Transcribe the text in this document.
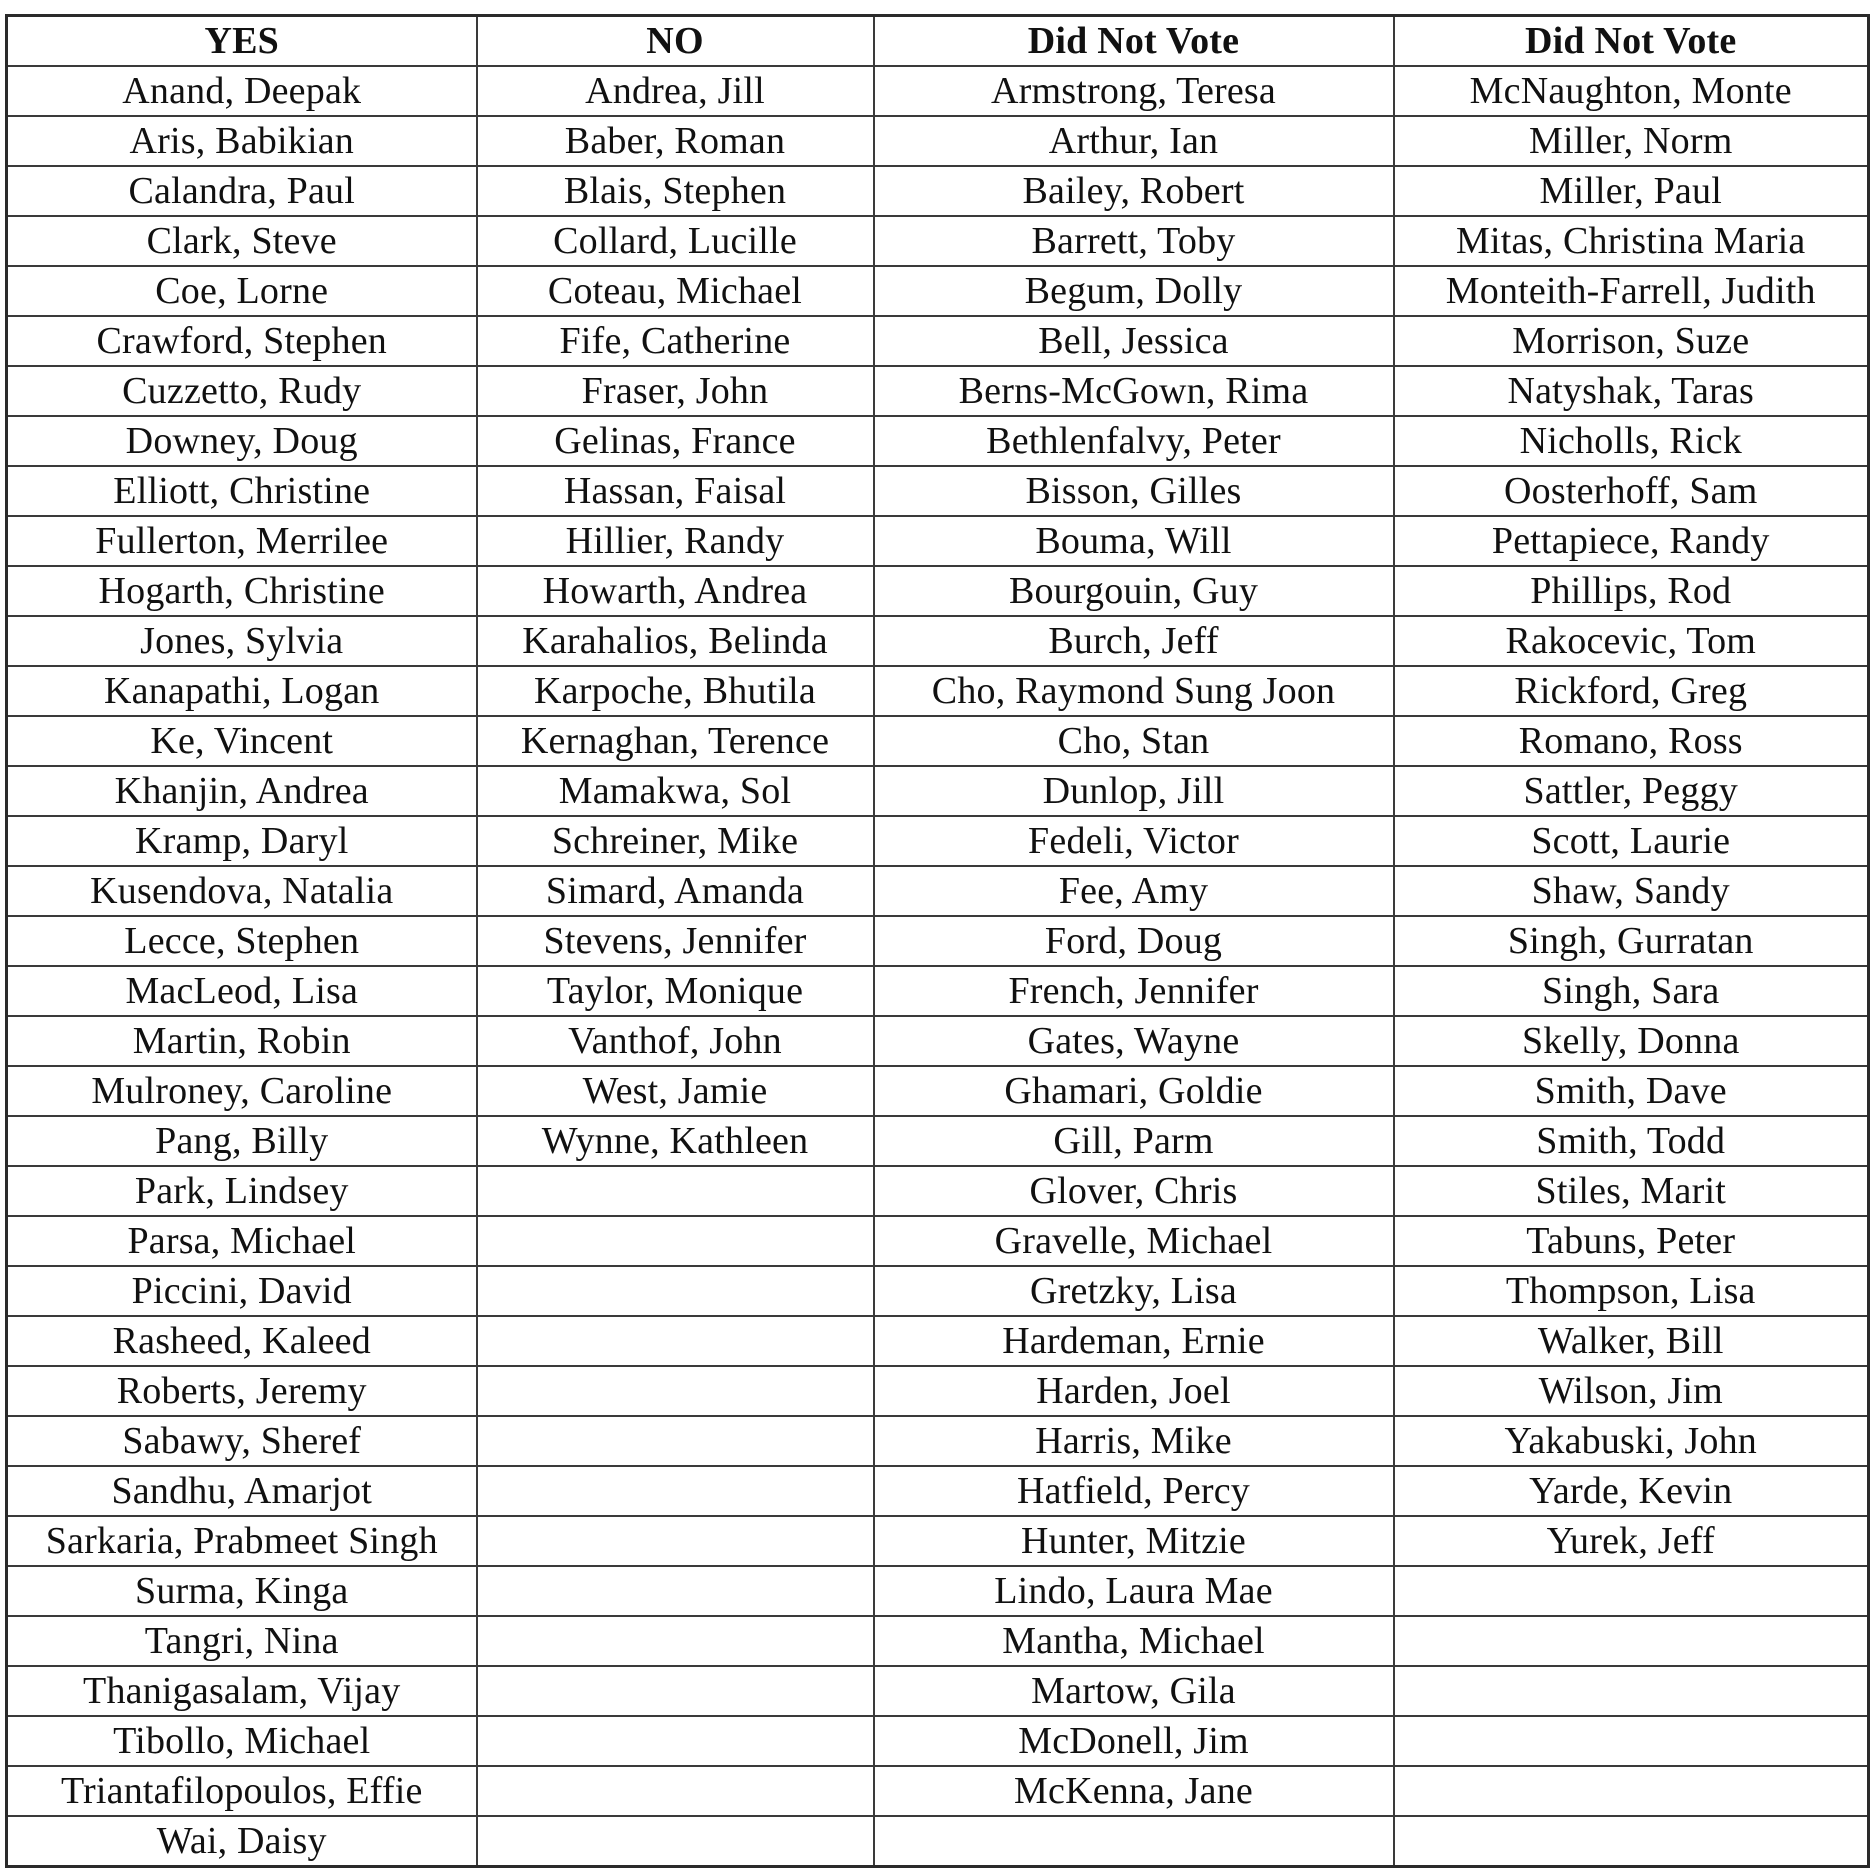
YES	NO	Did Not Vote	Did Not Vote
Anand, Deepak	Andrea, Jill	Armstrong, Teresa	McNaughton, Monte
Aris, Babikian	Baber, Roman	Arthur, Ian	Miller, Norm
Calandra, Paul	Blais, Stephen	Bailey, Robert	Miller, Paul
Clark, Steve	Collard, Lucille	Barrett, Toby	Mitas, Christina Maria
Coe, Lorne	Coteau, Michael	Begum, Dolly	Monteith-Farrell, Judith
Crawford, Stephen	Fife, Catherine	Bell, Jessica	Morrison, Suze
Cuzzetto, Rudy	Fraser, John	Berns-McGown, Rima	Natyshak, Taras
Downey, Doug	Gelinas, France	Bethlenfalvy, Peter	Nicholls, Rick
Elliott, Christine	Hassan, Faisal	Bisson, Gilles	Oosterhoff, Sam
Fullerton, Merrilee	Hillier, Randy	Bouma, Will	Pettapiece, Randy
Hogarth, Christine	Howarth, Andrea	Bourgouin, Guy	Phillips, Rod
Jones, Sylvia	Karahalios, Belinda	Burch, Jeff	Rakocevic, Tom
Kanapathi, Logan	Karpoche, Bhutila	Cho, Raymond Sung Joon	Rickford, Greg
Ke, Vincent	Kernaghan, Terence	Cho, Stan	Romano, Ross
Khanjin, Andrea	Mamakwa, Sol	Dunlop, Jill	Sattler, Peggy
Kramp, Daryl	Schreiner, Mike	Fedeli, Victor	Scott, Laurie
Kusendova, Natalia	Simard, Amanda	Fee, Amy	Shaw, Sandy
Lecce, Stephen	Stevens, Jennifer	Ford, Doug	Singh, Gurratan
MacLeod, Lisa	Taylor, Monique	French, Jennifer	Singh, Sara
Martin, Robin	Vanthof, John	Gates, Wayne	Skelly, Donna
Mulroney, Caroline	West, Jamie	Ghamari, Goldie	Smith, Dave
Pang, Billy	Wynne, Kathleen	Gill, Parm	Smith, Todd
Park, Lindsey		Glover, Chris	Stiles, Marit
Parsa, Michael		Gravelle, Michael	Tabuns, Peter
Piccini, David		Gretzky, Lisa	Thompson, Lisa
Rasheed, Kaleed		Hardeman, Ernie	Walker, Bill
Roberts, Jeremy		Harden, Joel	Wilson, Jim
Sabawy, Sheref		Harris, Mike	Yakabuski, John
Sandhu, Amarjot		Hatfield, Percy	Yarde, Kevin
Sarkaria, Prabmeet Singh		Hunter, Mitzie	Yurek, Jeff
Surma, Kinga		Lindo, Laura Mae	
Tangri, Nina		Mantha, Michael	
Thanigasalam, Vijay		Martow, Gila	
Tibollo, Michael		McDonell, Jim	
Triantafilopoulos, Effie		McKenna, Jane	
Wai, Daisy			
